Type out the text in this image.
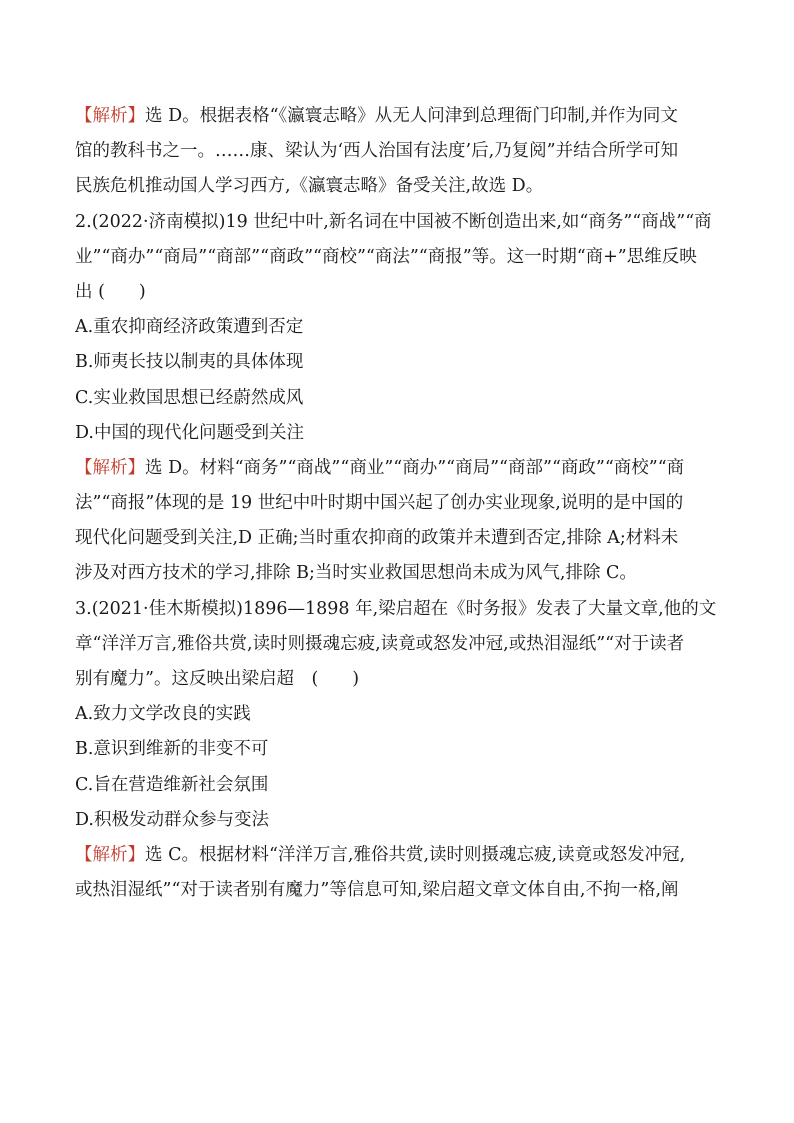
【解析】选 D。根据表格“《瀛寰志略》从无人问津到总理衙门印制,并作为同文
馆的教科书之一。……康、梁认为‘西人治国有法度’后,乃复阅”并结合所学可知
民族危机推动国人学习西方,《瀛寰志略》备受关注,故选 D。
2.(2022·济南模拟)19 世纪中叶,新名词在中国被不断创造出来,如“商务”“商战”“商
业”“商办”“商局”“商部”“商政”“商校”“商法”“商报”等。这一时期“商+”思维反映
出 ( )
A.重农抑商经济政策遭到否定
B.师夷长技以制夷的具体体现
C.实业救国思想已经蔚然成风
D.中国的现代化问题受到关注
【解析】选 D。材料“商务”“商战”“商业”“商办”“商局”“商部”“商政”“商校”“商
法”“商报”体现的是 19 世纪中叶时期中国兴起了创办实业现象,说明的是中国的
现代化问题受到关注,D 正确;当时重农抑商的政策并未遭到否定,排除 A;材料未
涉及对西方技术的学习,排除 B;当时实业救国思想尚未成为风气,排除 C。
3.(2021·佳木斯模拟)1896—1898 年,梁启超在《时务报》发表了大量文章,他的文
章“洋洋万言,雅俗共赏,读时则摄魂忘疲,读竟或怒发冲冠,或热泪湿纸”“对于读者
别有魔力”。这反映出梁启超　( )
A.致力文学改良的实践
B.意识到维新的非变不可
C.旨在营造维新社会氛围
D.积极发动群众参与变法
【解析】选 C。根据材料“洋洋万言,雅俗共赏,读时则摄魂忘疲,读竟或怒发冲冠,
或热泪湿纸”“对于读者别有魔力”等信息可知,梁启超文章文体自由,不拘一格,阐
